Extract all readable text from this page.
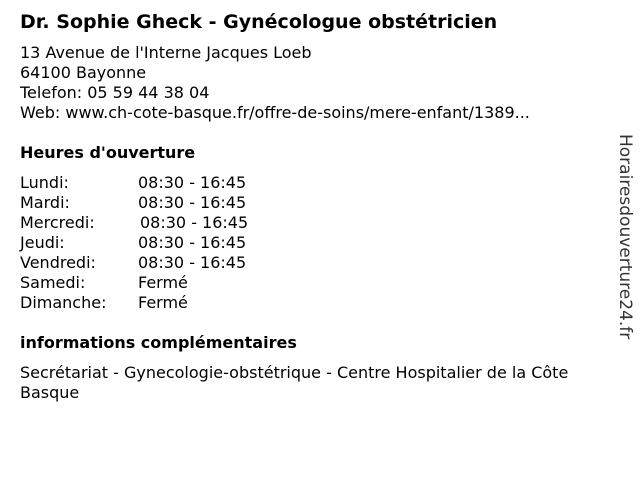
Dr. Sophie Gheck - Gynécologue obstétricien
13 Avenue de l'Interne Jacques Loeb
64100 Bayonne
Telefon: 05 59 44 38 04
Web: www.ch-cote-basque.fr/offre-de-soins/mere-enfant/1389...
Heures d'ouverture
Lundi:	08:30 - 16:45
Mardi:	08:30 - 16:45
Mercredi:	08:30 - 16:45
Jeudi:	08:30 - 16:45
Vendredi:	08:30 - 16:45
Samedi:	Fermé
Dimanche:	Fermé
informations complémentaires
Secrétariat - Gynecologie-obstétrique - Centre Hospitalier de la Côte Basque
Horairesdouverture24.fr
